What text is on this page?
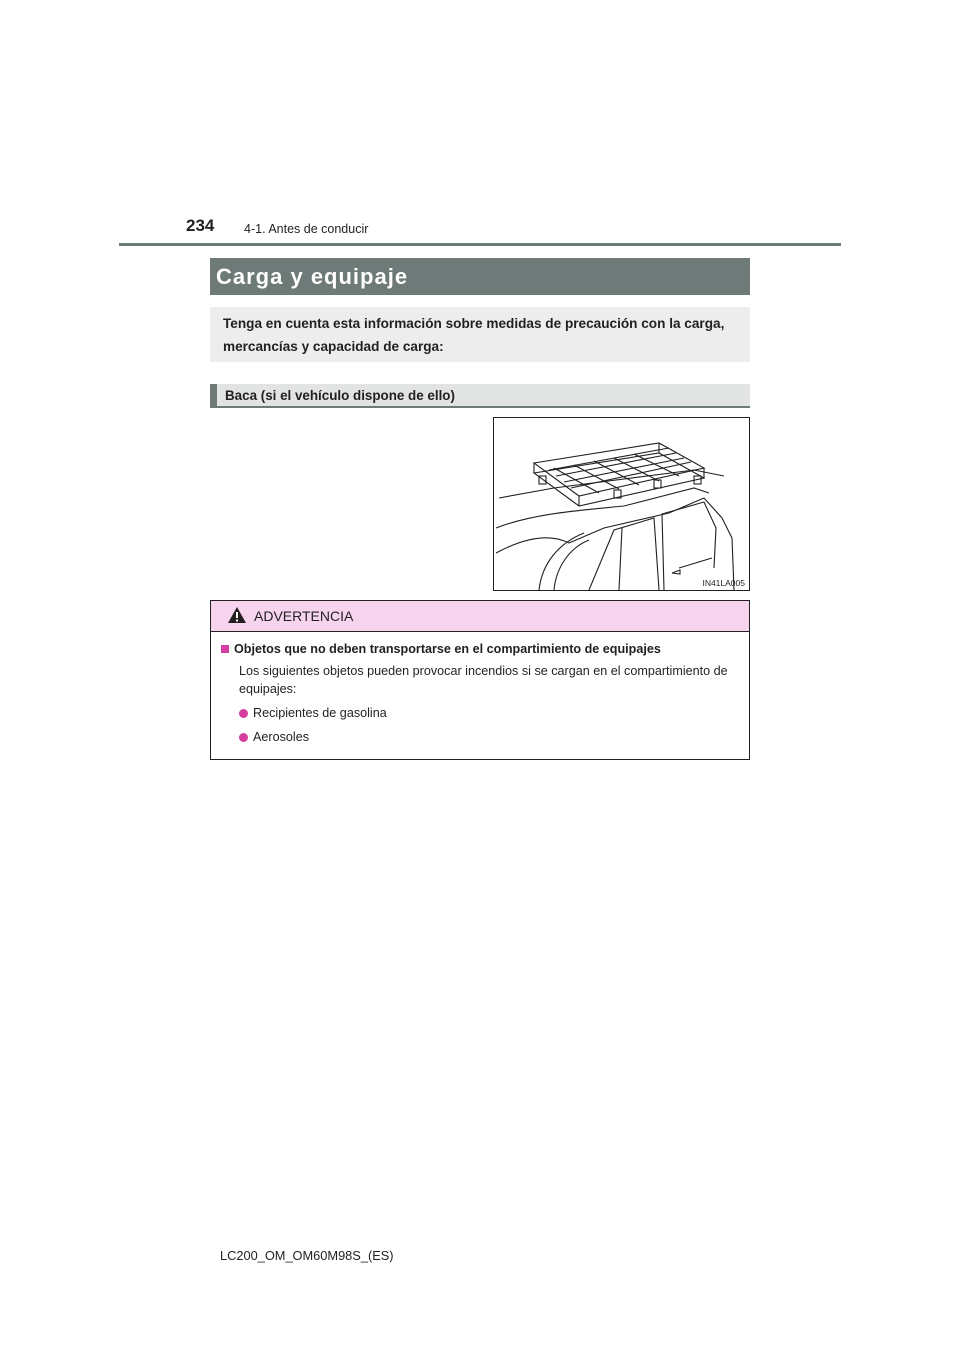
234 4-1. Antes de conducir
Carga y equipaje
Tenga en cuenta esta información sobre medidas de precaución con la carga, mercancías y capacidad de carga:
Baca (si el vehículo dispone de ello)
IN41LA005
ADVERTENCIA
Objetos que no deben transportarse en el compartimiento de equipajes
Los siguientes objetos pueden provocar incendios si se cargan en el compartimiento de equipajes:
Recipientes de gasolina
Aerosoles
LC200_OM_OM60M98S_(ES)
